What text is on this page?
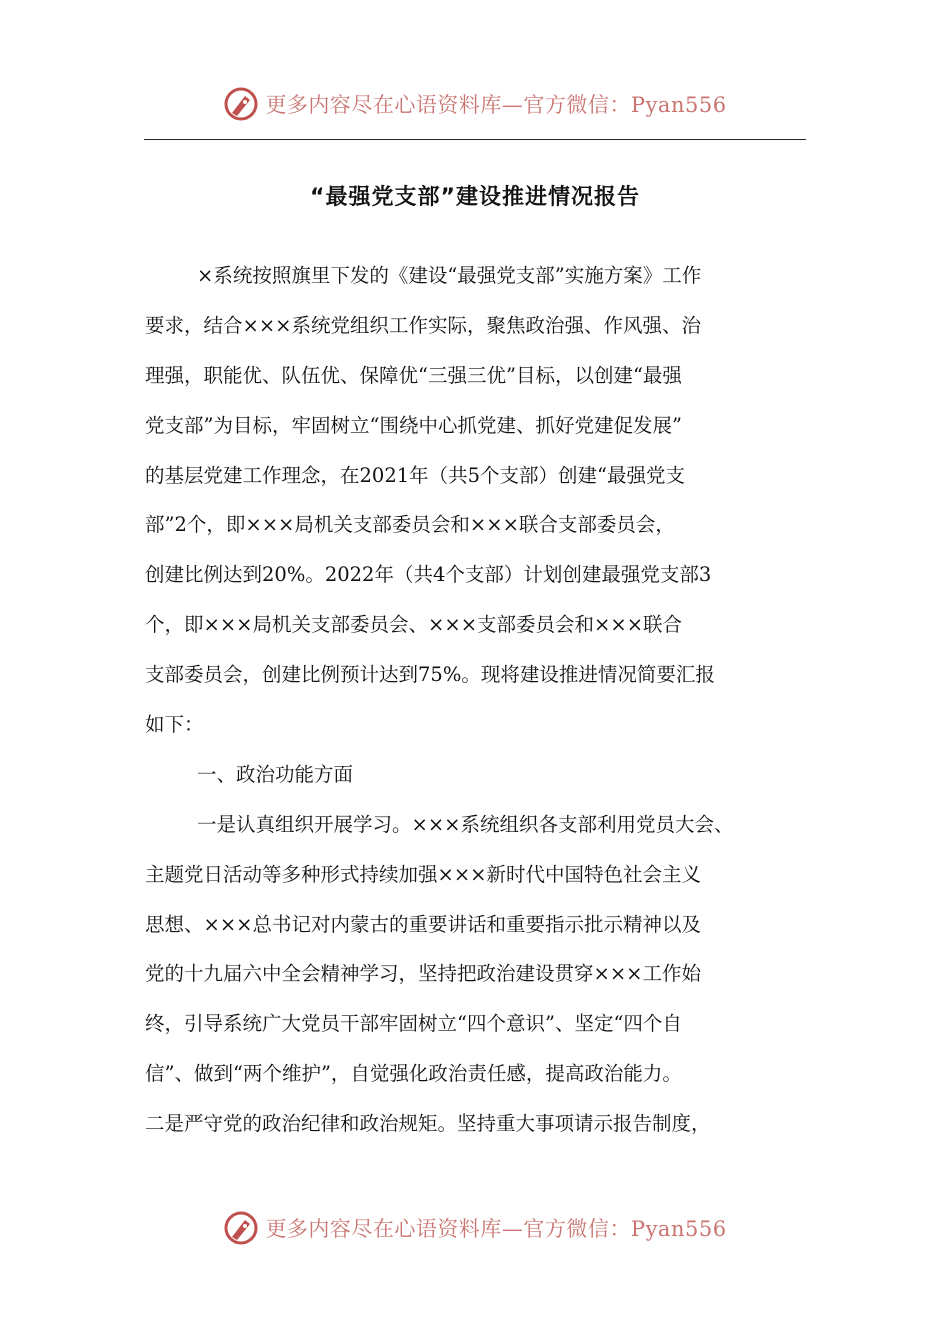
更多内容尽在心语资料库—官方微信：Pyan556
“最强党支部”建设推进情况报告
×系统按照旗里下发的《建设“最强党支部”实施方案》工作
要求，结合×××系统党组织工作实际，聚焦政治强、作风强、治
理强，职能优、队伍优、保障优“三强三优”目标，以创建“最强
党支部”为目标，牢固树立“围绕中心抓党建、抓好党建促发展”
的基层党建工作理念，在2021年（共5个支部）创建“最强党支
部”2个，即×××局机关支部委员会和×××联合支部委员会，
创建比例达到20%。2022年（共4个支部）计划创建最强党支部3
个，即×××局机关支部委员会、×××支部委员会和×××联合
支部委员会，创建比例预计达到75%。现将建设推进情况简要汇报
如下：
一、政治功能方面
一是认真组织开展学习。×××系统组织各支部利用党员大会、
主题党日活动等多种形式持续加强×××新时代中国特色社会主义
思想、×××总书记对内蒙古的重要讲话和重要指示批示精神以及
党的十九届六中全会精神学习，坚持把政治建设贯穿×××工作始
终，引导系统广大党员干部牢固树立“四个意识”、坚定“四个自
信”、做到“两个维护”，自觉强化政治责任感，提高政治能力。
二是严守党的政治纪律和政治规矩。坚持重大事项请示报告制度，
更多内容尽在心语资料库—官方微信：Pyan556
